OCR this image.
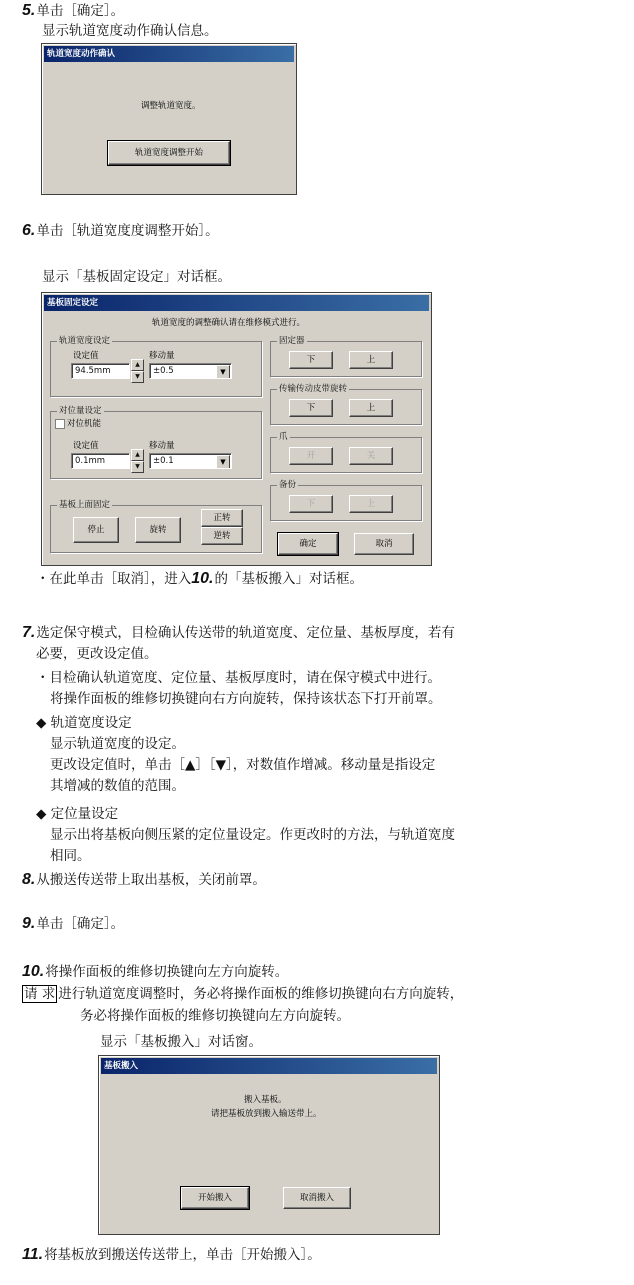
5.单击［确定］。
显示轨道宽度动作确认信息。
轨道宽度动作确认
调整轨道宽度。
轨道宽度调整开始
6.单击［轨道宽度度调整开始］。
显示「基板固定设定」对话框。
基板固定设定
轨道宽度的调整确认请在维修模式进行。
轨道宽度设定
设定值	移动量
94.5mm
▲
▼
±0.5	▼
对位量设定
对位机能
设定值	移动量
0.1mm
▲
▼
±0.1	▼
基板上面固定
停止	旋转
正转
逆转
固定器
下	上
传输传动皮带旋转
下	上
爪
开	关
备份
下	上
确定	取消
・在此单击［取消］，进入10.的「基板搬入」对话框。
7.选定保守模式，目检确认传送带的轨道宽度、定位量、基板厚度，若有
必要，更改设定值。
・目检确认轨道宽度、定位量、基板厚度时，请在保守模式中进行。
将操作面板的维修切换键向右方向旋转，保持该状态下打开前罩。
◆ 轨道宽度设定
显示轨道宽度的设定。
更改设定值时，单击［▲］［▼］，对数值作增减。移动量是指设定
其增减的数值的范围。
◆ 定位量设定
显示出将基板向侧压紧的定位量设定。作更改时的方法，与轨道宽度
相同。
8.从搬送传送带上取出基板，关闭前罩。
9.单击［确定］。
10.将操作面板的维修切换键向左方向旋转。
请 求 进行轨道宽度调整时，务必将操作面板的维修切换键向右方向旋转，
务必将操作面板的维修切换键向左方向旋转。
显示「基板搬入」对话窗。
基板搬入
搬入基板。
请把基板放到搬入输送带上。
开始搬入	取消搬入
11.将基板放到搬送传送带上，单击［开始搬入］。
